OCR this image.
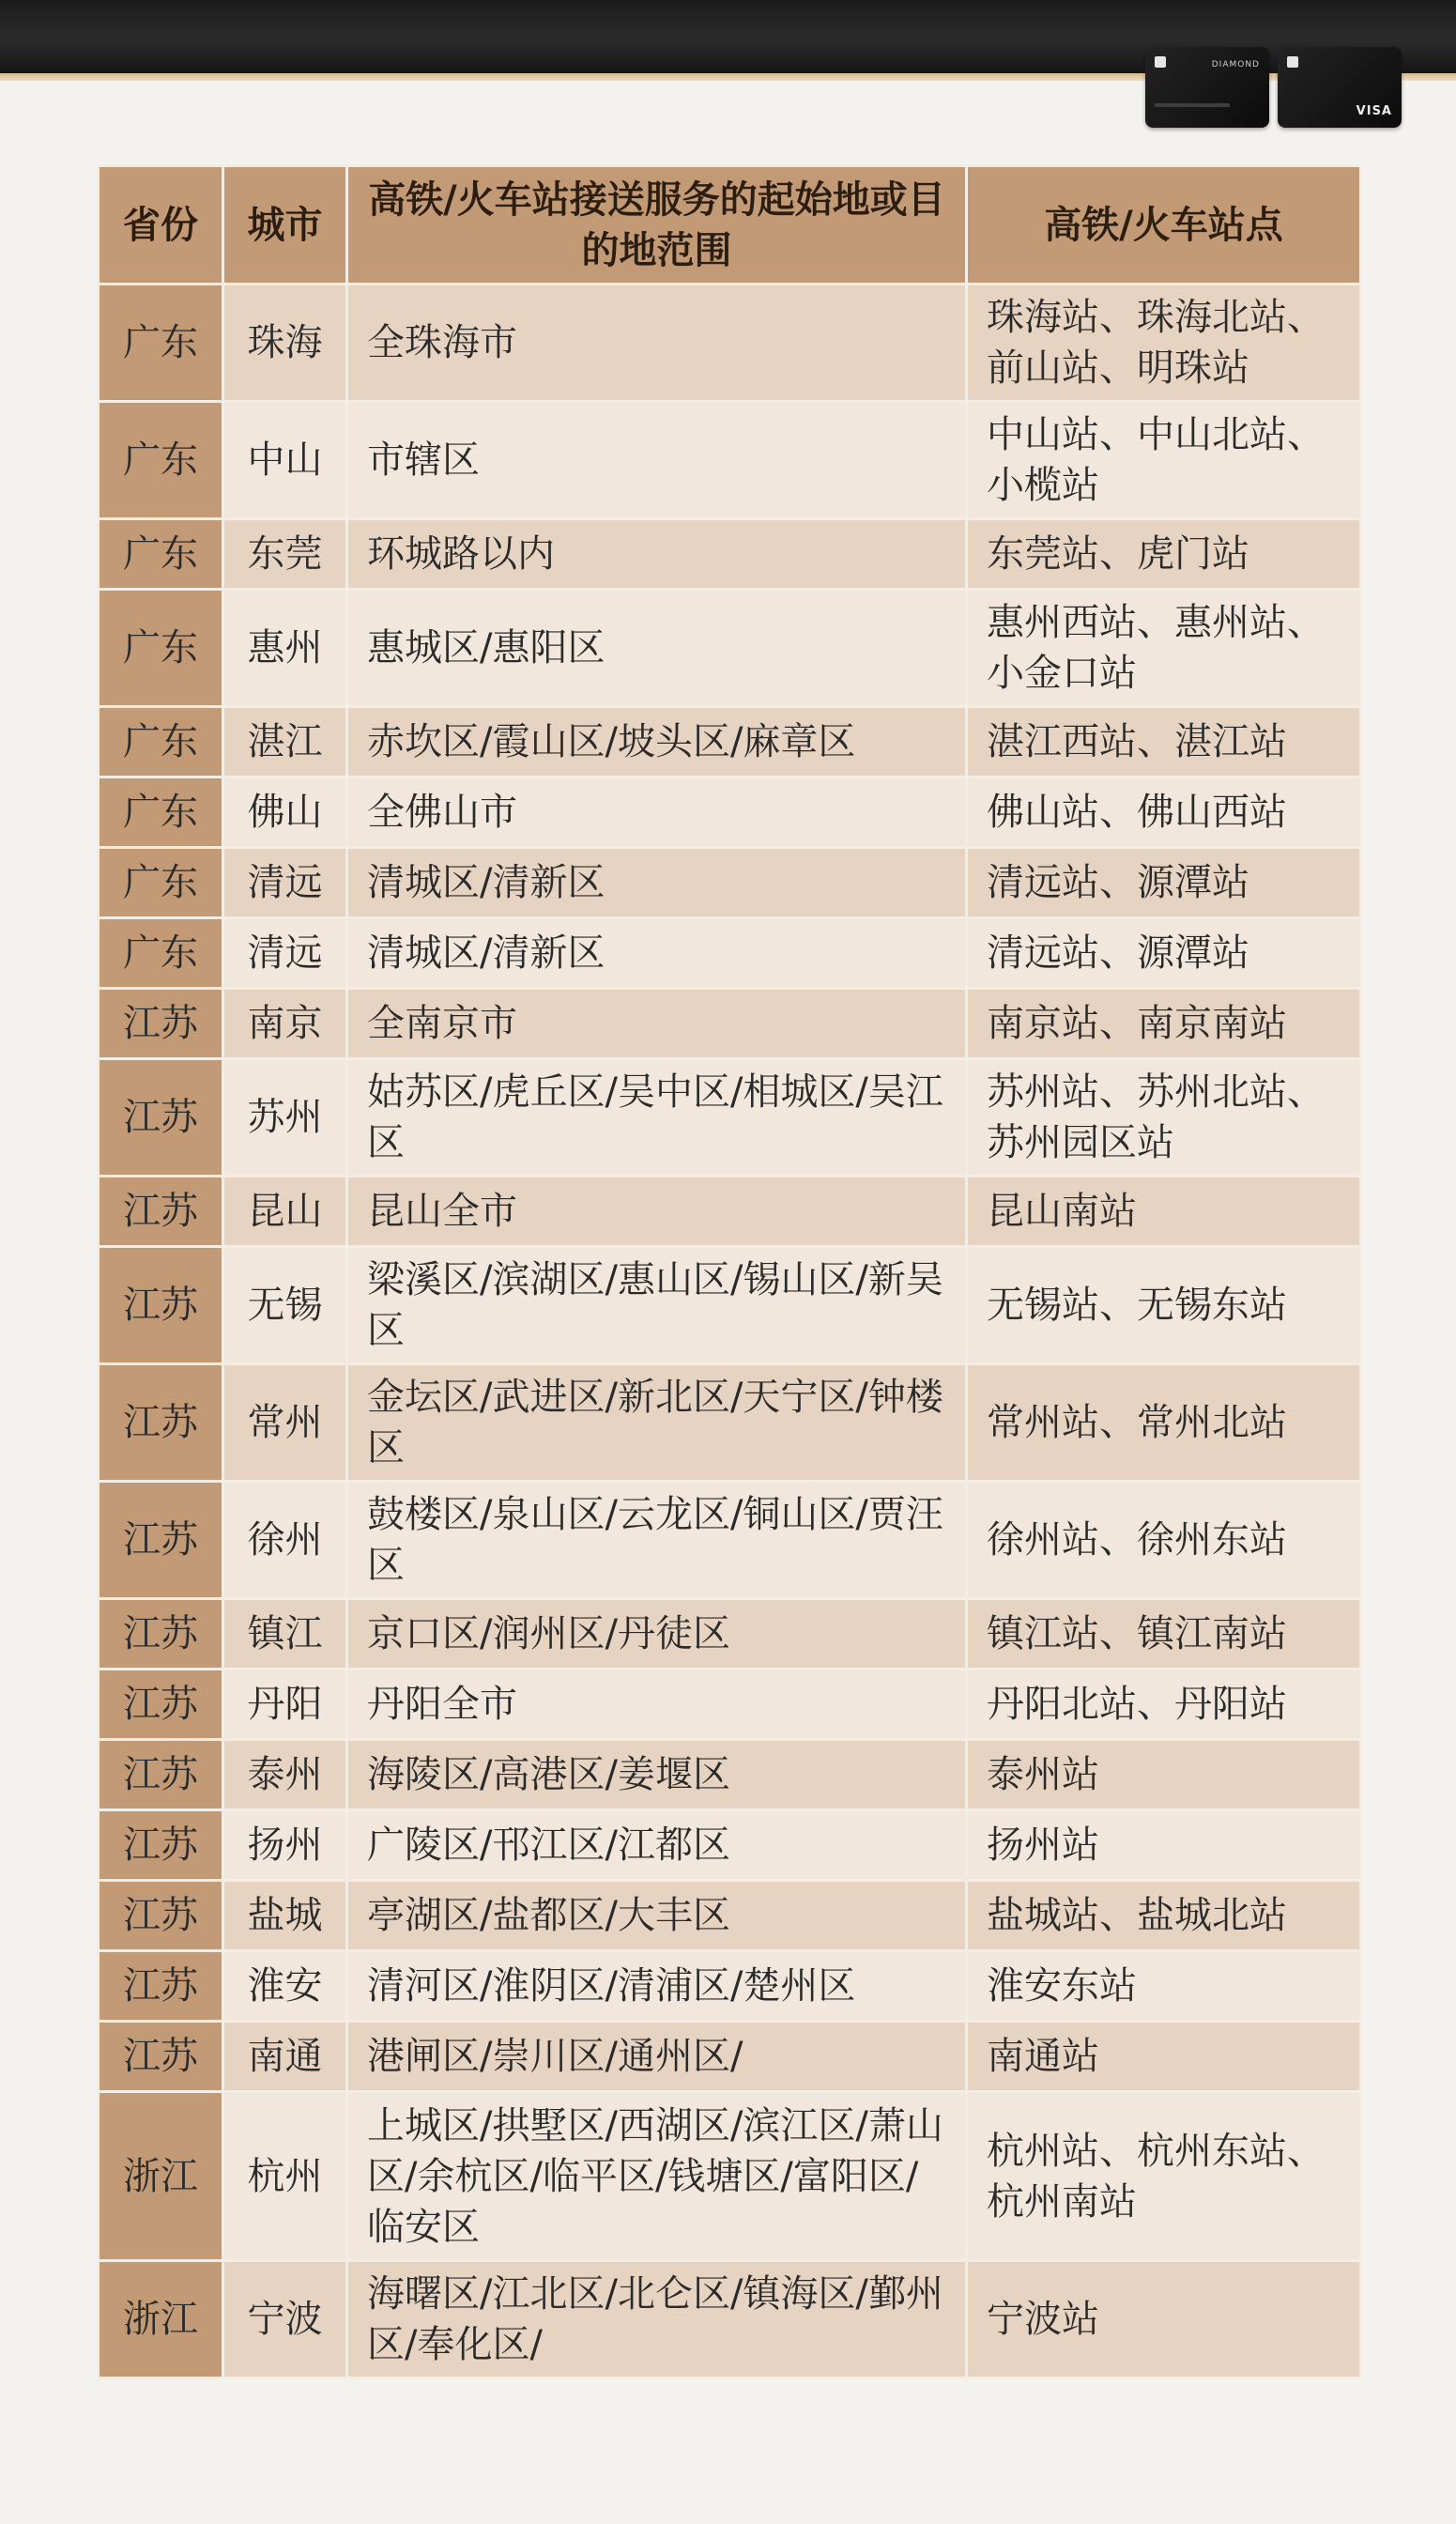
DIAMOND
VISA
省份	城市	高铁/火车站接送服务的起始地或目的地范围	高铁/火车站点
广东	珠海	全珠海市	珠海站、珠海北站、前山站、明珠站
广东	中山	市辖区	中山站、中山北站、小榄站
广东	东莞	环城路以内	东莞站、虎门站
广东	惠州	惠城区/惠阳区	惠州西站、惠州站、小金口站
广东	湛江	赤坎区/霞山区/坡头区/麻章区	湛江西站、湛江站
广东	佛山	全佛山市	佛山站、佛山西站
广东	清远	清城区/清新区	清远站、源潭站
广东	清远	清城区/清新区	清远站、源潭站
江苏	南京	全南京市	南京站、南京南站
江苏	苏州	姑苏区/虎丘区/吴中区/相城区/吴江区	苏州站、苏州北站、苏州园区站
江苏	昆山	昆山全市	昆山南站
江苏	无锡	梁溪区/滨湖区/惠山区/锡山区/新吴区	无锡站、无锡东站
江苏	常州	金坛区/武进区/新北区/天宁区/钟楼区	常州站、常州北站
江苏	徐州	鼓楼区/泉山区/云龙区/铜山区/贾汪区	徐州站、徐州东站
江苏	镇江	京口区/润州区/丹徒区	镇江站、镇江南站
江苏	丹阳	丹阳全市	丹阳北站、丹阳站
江苏	泰州	海陵区/高港区/姜堰区	泰州站
江苏	扬州	广陵区/邗江区/江都区	扬州站
江苏	盐城	亭湖区/盐都区/大丰区	盐城站、盐城北站
江苏	淮安	清河区/淮阴区/清浦区/楚州区	淮安东站
江苏	南通	港闸区/崇川区/通州区/	南通站
浙江	杭州	上城区/拱墅区/西湖区/滨江区/萧山区/余杭区/临平区/钱塘区/富阳区/临安区	杭州站、杭州东站、杭州南站
浙江	宁波	海曙区/江北区/北仑区/镇海区/鄞州区/奉化区/	宁波站
